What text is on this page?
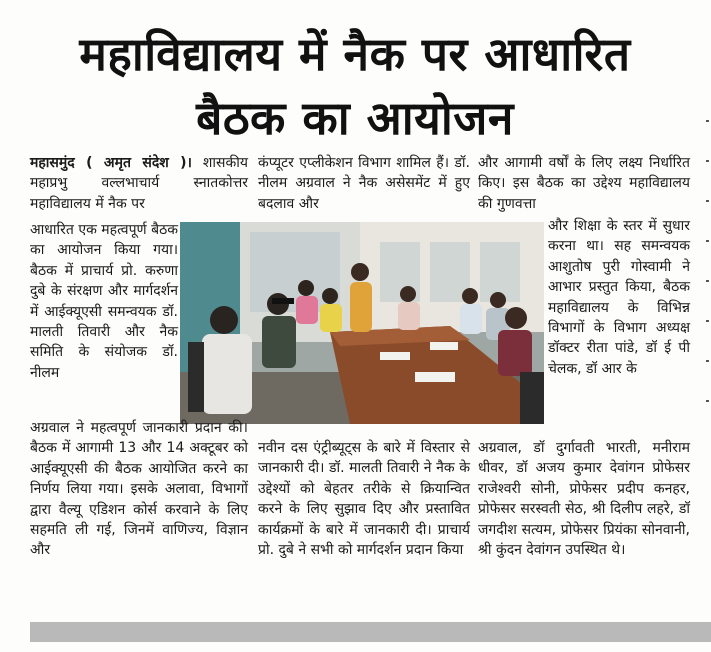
महाविद्यालय में नैक पर आधारित
बैठक का आयोजन

महासमुंद ( अमृत संदेश )। शासकीय महाप्रभु वल्लभाचार्य स्नातकोत्तर महाविद्यालय में नैक पर

आधारित एक महत्वपूर्ण बैठक का आयोजन किया गया। बैठक में प्राचार्य प्रो. करुणा दुबे के संरक्षण और मार्गदर्शन में आईक्यूएसी समन्वयक डॉ. मालती तिवारी और नैक समिति के संयोजक डॉ. नीलम

कंप्यूटर एप्लीकेशन विभाग शामिल हैं। डॉ. नीलम अग्रवाल ने नैक असेसमेंट में हुए बदलाव और

और आगामी वर्षों के लिए लक्ष्य निर्धारित किए। इस बैठक का उद्देश्य महाविद्यालय की गुणवत्ता

और शिक्षा के स्तर में सुधार करना था। सह समन्वयक आशुतोष पुरी गोस्वामी ने आभार प्रस्तुत किया, बैठक महाविद्यालय के विभिन्न विभागों के विभाग अध्यक्ष डॉक्टर रीता पांडे, डॉ ई पी चेलक, डॉ आर के

अग्रवाल ने महत्वपूर्ण जानकारी प्रदान की। बैठक में आगामी 13 और 14 अक्टूबर को आईक्यूएसी की बैठक आयोजित करने का निर्णय लिया गया। इसके अलावा, विभागों द्वारा वैल्यू एडिशन कोर्स करवाने के लिए सहमति ली गई, जिनमें वाणिज्य, विज्ञान और

नवीन दस एंट्रीब्यूट्स के बारे में विस्तार से जानकारी दी। डॉ. मालती तिवारी ने नैक के उद्देश्यों को बेहतर तरीके से क्रियान्वित करने के लिए सुझाव दिए और प्रस्तावित कार्यक्रमों के बारे में जानकारी दी। प्राचार्य प्रो. दुबे ने सभी को मार्गदर्शन प्रदान किया

अग्रवाल, डॉ दुर्गावती भारती, मनीराम धीवर, डॉ अजय कुमार देवांगन प्रोफेसर राजेश्वरी सोनी, प्रोफेसर प्रदीप कनहर, प्रोफेसर सरस्वती सेठ, श्री दिलीप लहरे, डॉ जगदीश सत्यम, प्रोफेसर प्रियंका सोनवानी, श्री कुंदन देवांगन उपस्थित थे।
